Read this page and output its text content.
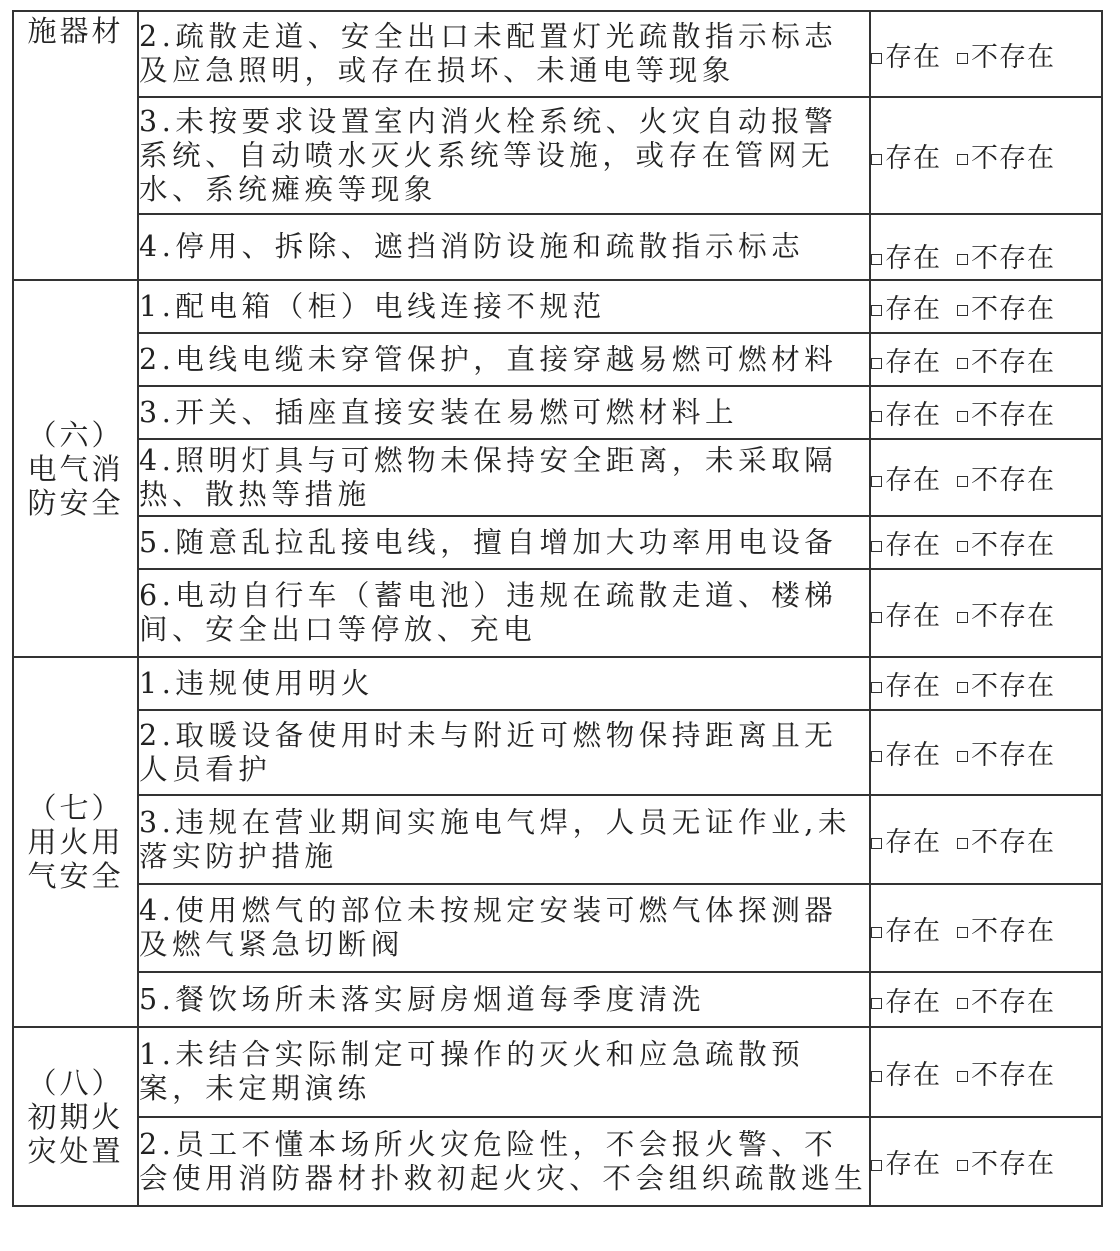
施器材	2.疏散走道、安全出口未配置灯光疏散指示标志及应急照明，或存在损坏、未通电等现象	存在 不存在
	3.未按要求设置室内消火栓系统、火灾自动报警系统、自动喷水灭火系统等设施，或存在管网无水、系统瘫痪等现象	存在 不存在
	4.停用、拆除、遮挡消防设施和疏散指示标志	存在 不存在

（六）
电气消
防安全	1.配电箱（柜）电线连接不规范	存在 不存在
	2.电线电缆未穿管保护，直接穿越易燃可燃材料	存在 不存在
	3.开关、插座直接安装在易燃可燃材料上	存在 不存在
	4.照明灯具与可燃物未保持安全距离，未采取隔热、散热等措施	存在 不存在
	5.随意乱拉乱接电线，擅自增加大功率用电设备	存在 不存在
	6.电动自行车（蓄电池）违规在疏散走道、楼梯间、安全出口等停放、充电	存在 不存在

（七）
用火用
气安全	1.违规使用明火	存在 不存在
	2.取暖设备使用时未与附近可燃物保持距离且无人员看护	存在 不存在
	3.违规在营业期间实施电气焊，人员无证作业,未落实防护措施	存在 不存在
	4.使用燃气的部位未按规定安装可燃气体探测器及燃气紧急切断阀	存在 不存在
	5.餐饮场所未落实厨房烟道每季度清洗	存在 不存在

（八）
初期火
灾处置	1.未结合实际制定可操作的灭火和应急疏散预案，未定期演练	存在 不存在
	2.员工不懂本场所火灾危险性，不会报火警、不会使用消防器材扑救初起火灾、不会组织疏散逃生	存在 不存在
